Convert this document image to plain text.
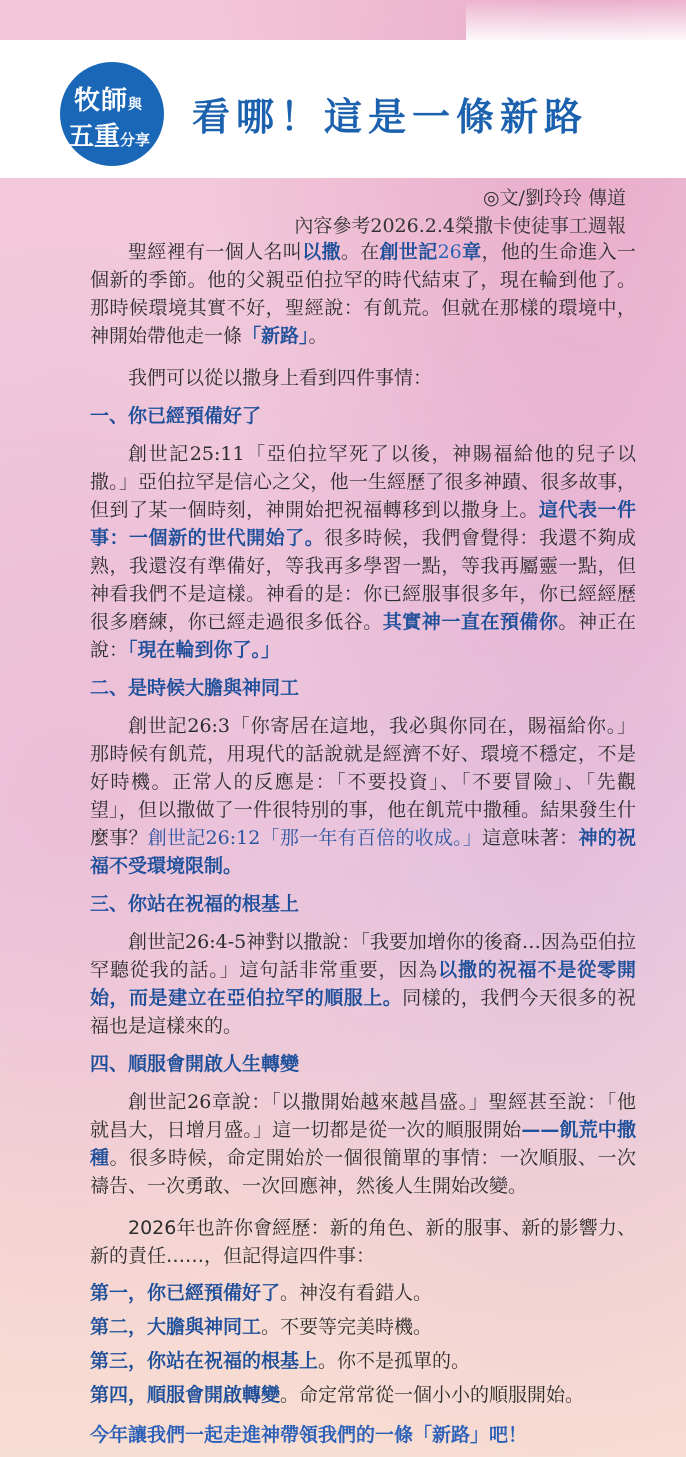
牧師與
五重分享
看哪！這是一條新路
◎文/劉玲玲 傳道
內容參考2026.2.4榮撒卡使徒事工週報

聖經裡有一個人名叫以撒。在創世記26章，他的生命進入一個新的季節。他的父親亞伯拉罕的時代結束了，現在輪到他了。那時候環境其實不好，聖經說：有飢荒。但就在那樣的環境中，神開始帶他走一條「新路」。

我們可以從以撒身上看到四件事情：

一、你已經預備好了

創世記25:11「亞伯拉罕死了以後，神賜福給他的兒子以撒。」亞伯拉罕是信心之父，他一生經歷了很多神蹟、很多故事，但到了某一個時刻，神開始把祝福轉移到以撒身上。這代表一件事：一個新的世代開始了。很多時候，我們會覺得：我還不夠成熟，我還沒有準備好，等我再多學習一點，等我再屬靈一點，但神看我們不是這樣。神看的是：你已經服事很多年，你已經經歷很多磨練，你已經走過很多低谷。其實神一直在預備你。神正在說：「現在輪到你了。」

二、是時候大膽與神同工

創世記26:3「你寄居在這地，我必與你同在，賜福給你。」那時候有飢荒，用現代的話說就是經濟不好、環境不穩定，不是好時機。正常人的反應是：「不要投資」、「不要冒險」、「先觀望」，但以撒做了一件很特別的事，他在飢荒中撒種。結果發生什麼事？創世記26:12「那一年有百倍的收成。」這意味著：神的祝福不受環境限制。

三、你站在祝福的根基上

創世記26:4-5神對以撒說：「我要加增你的後裔…因為亞伯拉罕聽從我的話。」這句話非常重要，因為以撒的祝福不是從零開始，而是建立在亞伯拉罕的順服上。同樣的，我們今天很多的祝福也是這樣來的。

四、順服會開啟人生轉變

創世記26章說：「以撒開始越來越昌盛。」聖經甚至說：「他就昌大，日增月盛。」這一切都是從一次的順服開始——飢荒中撒種。很多時候，命定開始於一個很簡單的事情：一次順服、一次禱告、一次勇敢、一次回應神，然後人生開始改變。

2026年也許你會經歷：新的角色、新的服事、新的影響力、新的責任……，但記得這四件事：

第一，你已經預備好了。神沒有看錯人。

第二，大膽與神同工。不要等完美時機。

第三，你站在祝福的根基上。你不是孤單的。

第四，順服會開啟轉變。命定常常從一個小小的順服開始。

今年讓我們一起走進神帶領我們的一條「新路」吧！
